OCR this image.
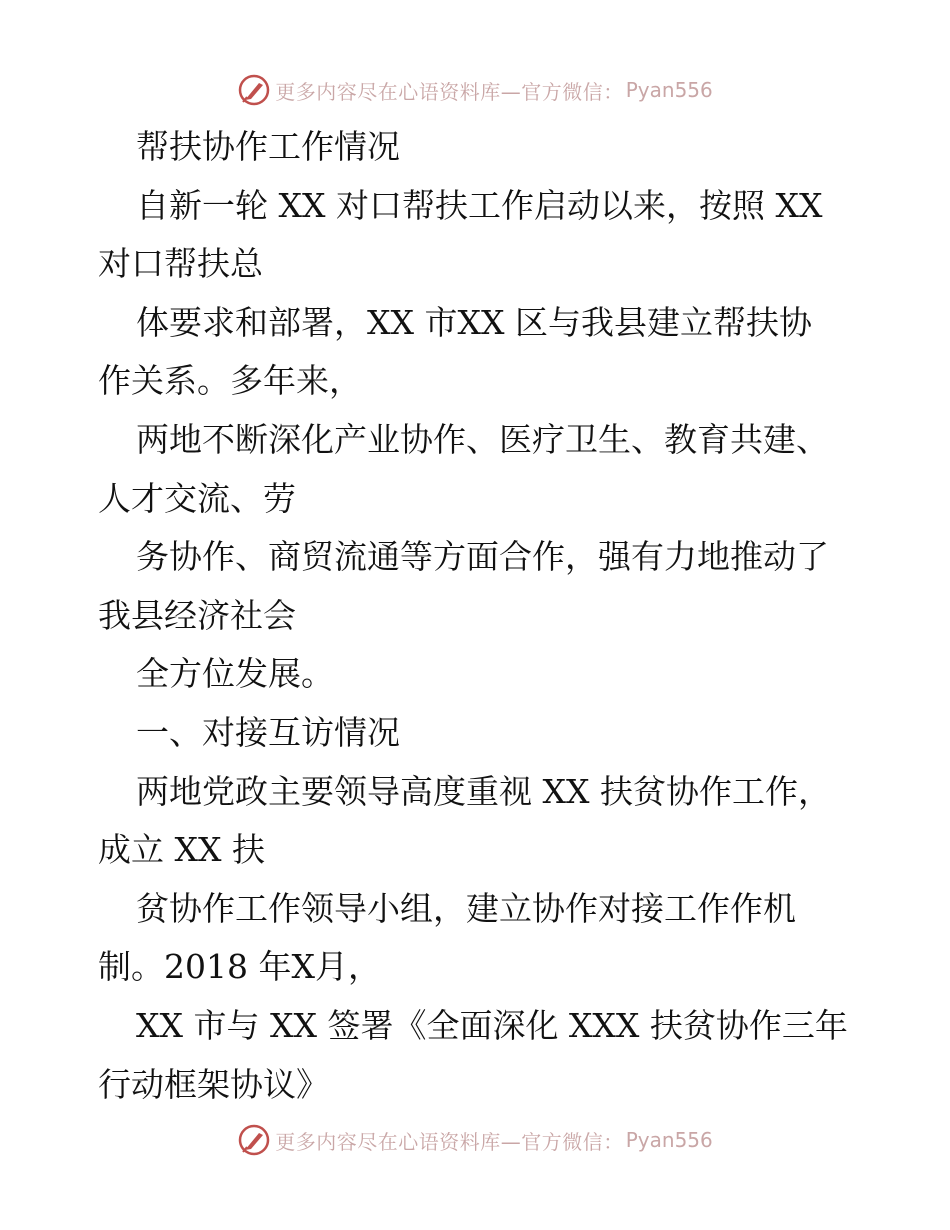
更多内容尽在心语资料库—官方微信： Pyan556
帮扶协作工作情况
自新一轮 XX 对口帮扶工作启动以来，按照 XX
对口帮扶总
体要求和部署，XX 市XX 区与我县建立帮扶协
作关系。多年来，
两地不断深化产业协作、医疗卫生、教育共建、
人才交流、劳
务协作、商贸流通等方面合作，强有力地推动了
我县经济社会
全方位发展。
一、对接互访情况
两地党政主要领导高度重视 XX 扶贫协作工作，
成立 XX 扶
贫协作工作领导小组，建立协作对接工作作机
制。2018 年X月，
XX 市与 XX 签署《全面深化 XXX 扶贫协作三年
行动框架协议》
更多内容尽在心语资料库—官方微信： Pyan556
